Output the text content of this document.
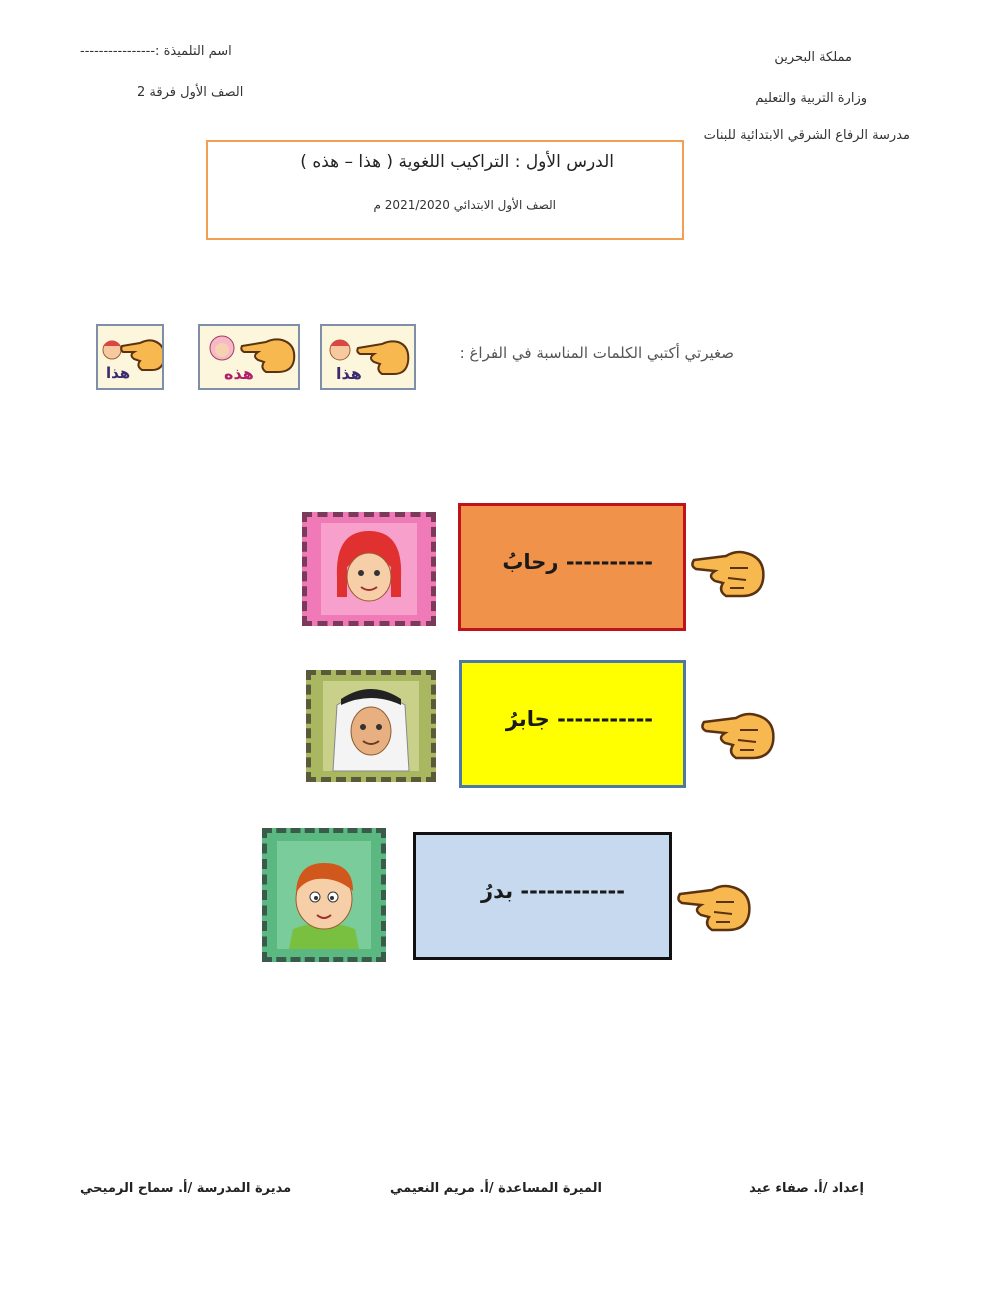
مملكة البحرين
وزارة التربية والتعليم
مدرسة الرفاع الشرقي الابتدائية للبنات
اسم التلميذة :----------------
الصف الأول فرقة 2
الدرس الأول : التراكيب اللغوية ( هذا – هذه )
الصف الأول الابتدائي 2021/2020 م
صغيرتي أكتبي الكلمات المناسبة في الفراغ :
هذا
هذه
هذا
---------- رحابُ
----------- جابرُ
------------ بدرُ
إعداد /أ. صفاء عيد
الميرة المساعدة /أ. مريم النعيمي
مديرة المدرسة /أ. سماح الرميحي
